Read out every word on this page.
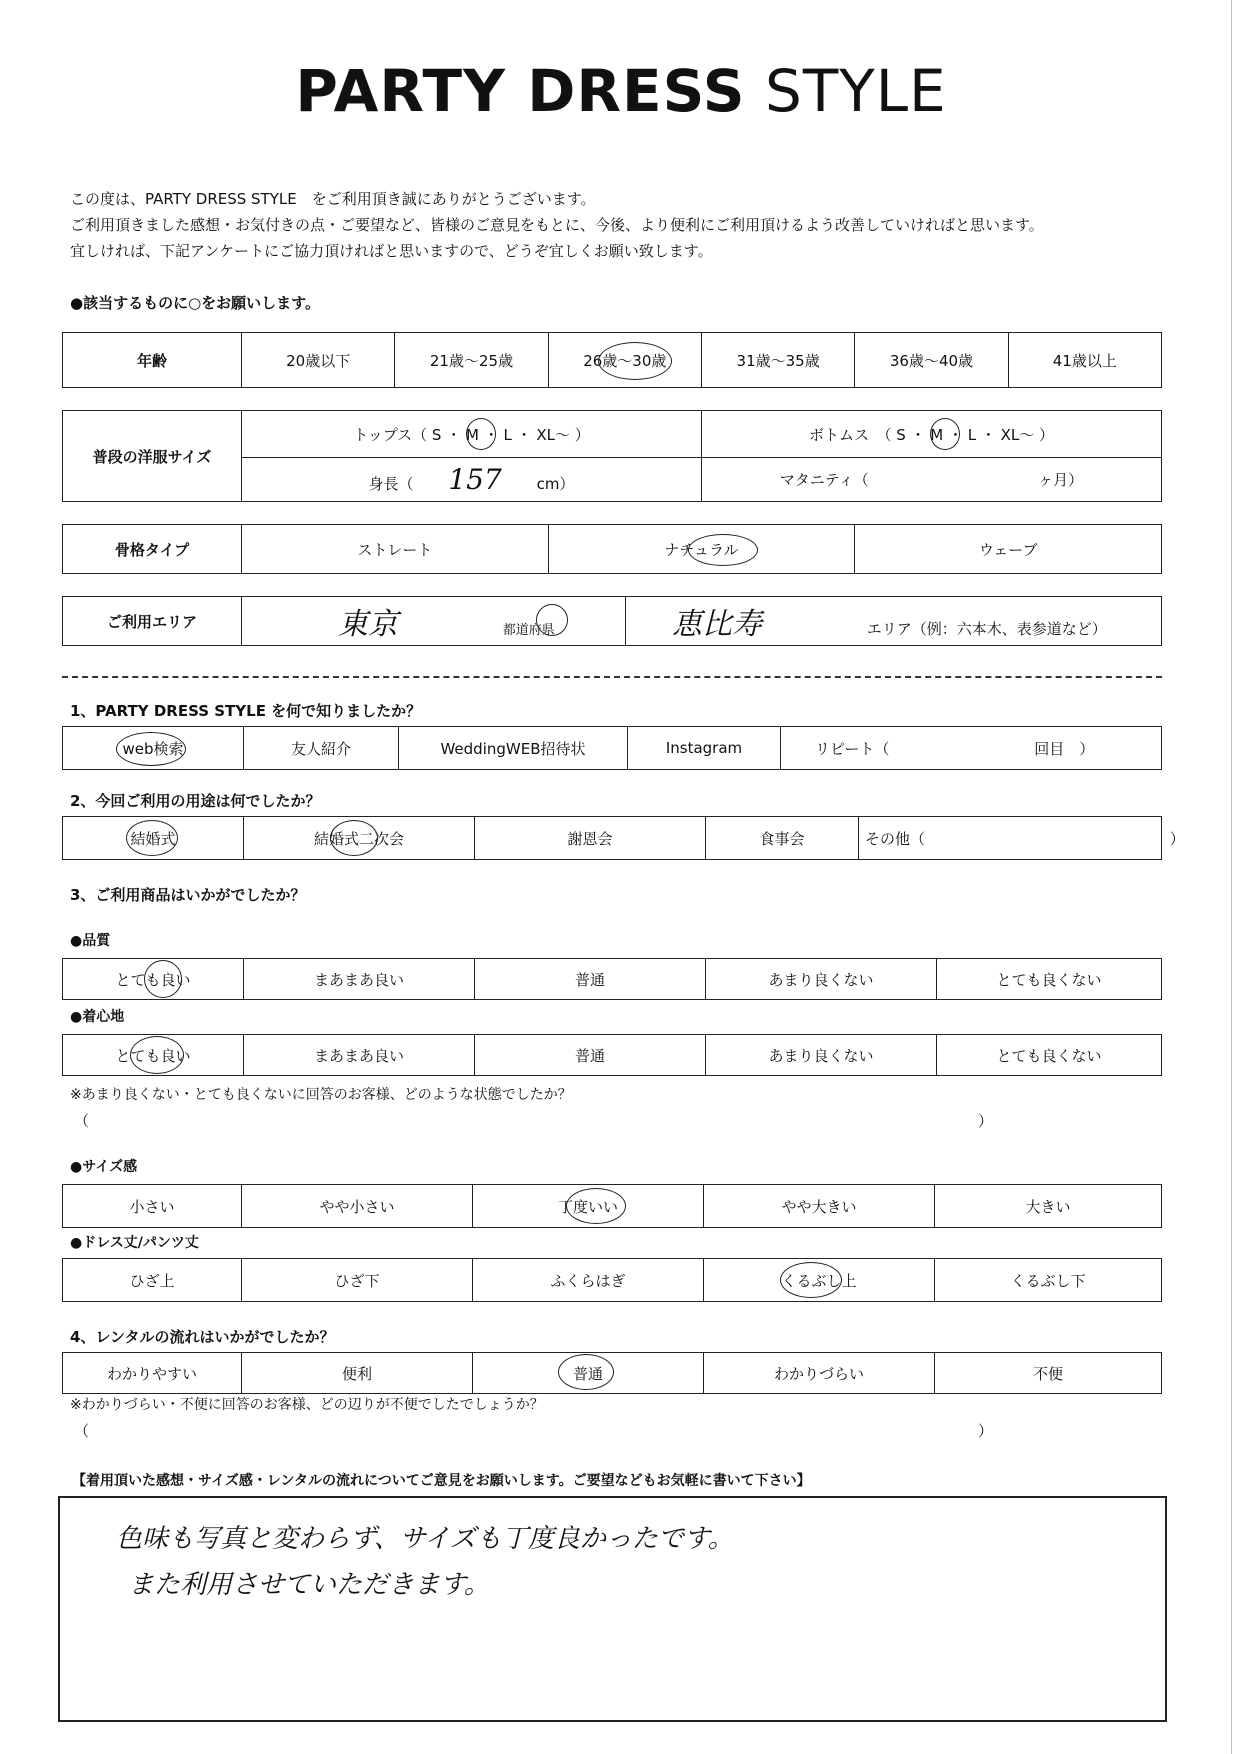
PARTY DRESS STYLE
この度は、PARTY DRESS STYLE　をご利用頂き誠にありがとうございます。
ご利用頂きました感想・お気付きの点・ご要望など、皆様のご意見をもとに、今後、より便利にご利用頂けるよう改善していければと思います。
宜しければ、下記アンケートにご協力頂ければと思いますので、どうぞ宜しくお願い致します。
●該当するものに○をお願いします。
年齢	20歳以下	21歳～25歳	26歳～30歳	31歳～35歳	36歳～40歳	41歳以上
普段の洋服サイズ	トップス（ S ・ M ・ L ・ XL～ ）	ボトムス　（ S ・ M ・ L ・ XL～ ）
	身長（ 157 cm）	マタニティ（ ヶ月）
骨格タイプ	ストレート	ナチュラル	ウェーブ
ご利用エリア	東京	都道府県	恵比寿	エリア（例：六本木、表参道など）
1、PARTY DRESS STYLE を何で知りましたか？
web検索	友人紹介	WeddingWEB招待状	Instagram	リピート（	回目　）
2、今回ご利用の用途は何でしたか？
結婚式	結婚式二次会	謝恩会	食事会	その他（	）
3、ご利用商品はいかがでしたか？
●品質
とても良い	まあまあ良い	普通	あまり良くない	とても良くない
●着心地
とても良い	まあまあ良い	普通	あまり良くない	とても良くない
※あまり良くない・とても良くないに回答のお客様、どのような状態でしたか？
（	）
●サイズ感
小さい	やや小さい	丁度いい	やや大きい	大きい
●ドレス丈/パンツ丈
ひざ上	ひざ下	ふくらはぎ	くるぶし上	くるぶし下
4、レンタルの流れはいかがでしたか？
わかりやすい	便利	普通	わかりづらい	不便
※わかりづらい・不便に回答のお客様、どの辺りが不便でしたでしょうか？
（	）
【着用頂いた感想・サイズ感・レンタルの流れについてご意見をお願いします。ご要望などもお気軽に書いて下さい】
色味も写真と変わらず、サイズも丁度良かったです。
また利用させていただきます。
